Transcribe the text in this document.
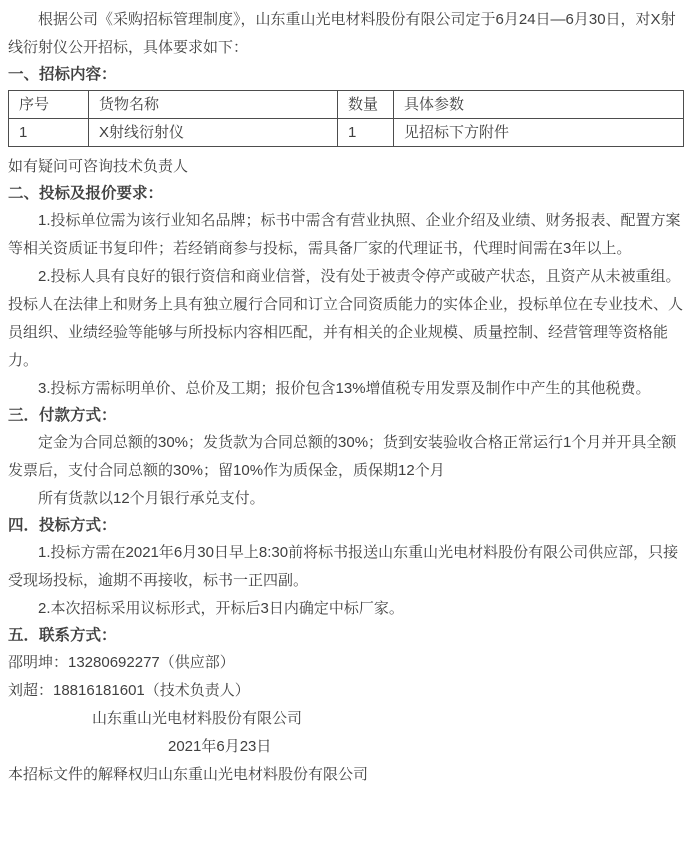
根据公司《采购招标管理制度》，山东重山光电材料股份有限公司定于6月24日—6月30日，对X射线衍射仪公开招标，具体要求如下：

一、招标内容：

序号	货物名称	数量	具体参数
1	X射线衍射仪	1	见招标下方附件

如有疑问可咨询技术负责人

二、投标及报价要求：

1.投标单位需为该行业知名品牌；标书中需含有营业执照、企业介绍及业绩、财务报表、配置方案等相关资质证书复印件；若经销商参与投标，需具备厂家的代理证书，代理时间需在3年以上。

2.投标人具有良好的银行资信和商业信誉，没有处于被责令停产或破产状态，且资产从未被重组。投标人在法律上和财务上具有独立履行合同和订立合同资质能力的实体企业，投标单位在专业技术、人员组织、业绩经验等能够与所投标内容相匹配，并有相关的企业规模、质量控制、经营管理等资格能力。

3.投标方需标明单价、总价及工期；报价包含13%增值税专用发票及制作中产生的其他税费。

三．付款方式：

定金为合同总额的30%；发货款为合同总额的30%；货到安装验收合格正常运行1个月并开具全额发票后，支付合同总额的30%；留10%作为质保金，质保期12个月

所有货款以12个月银行承兑支付。

四．投标方式：

1.投标方需在2021年6月30日早上8:30前将标书报送山东重山光电材料股份有限公司供应部，只接受现场投标，逾期不再接收，标书一正四副。

2.本次招标采用议标形式，开标后3日内确定中标厂家。

五．联系方式：

邵明坤：13280692277（供应部）

刘超：18816181601（技术负责人）

山东重山光电材料股份有限公司

2021年6月23日

本招标文件的解释权归山东重山光电材料股份有限公司
